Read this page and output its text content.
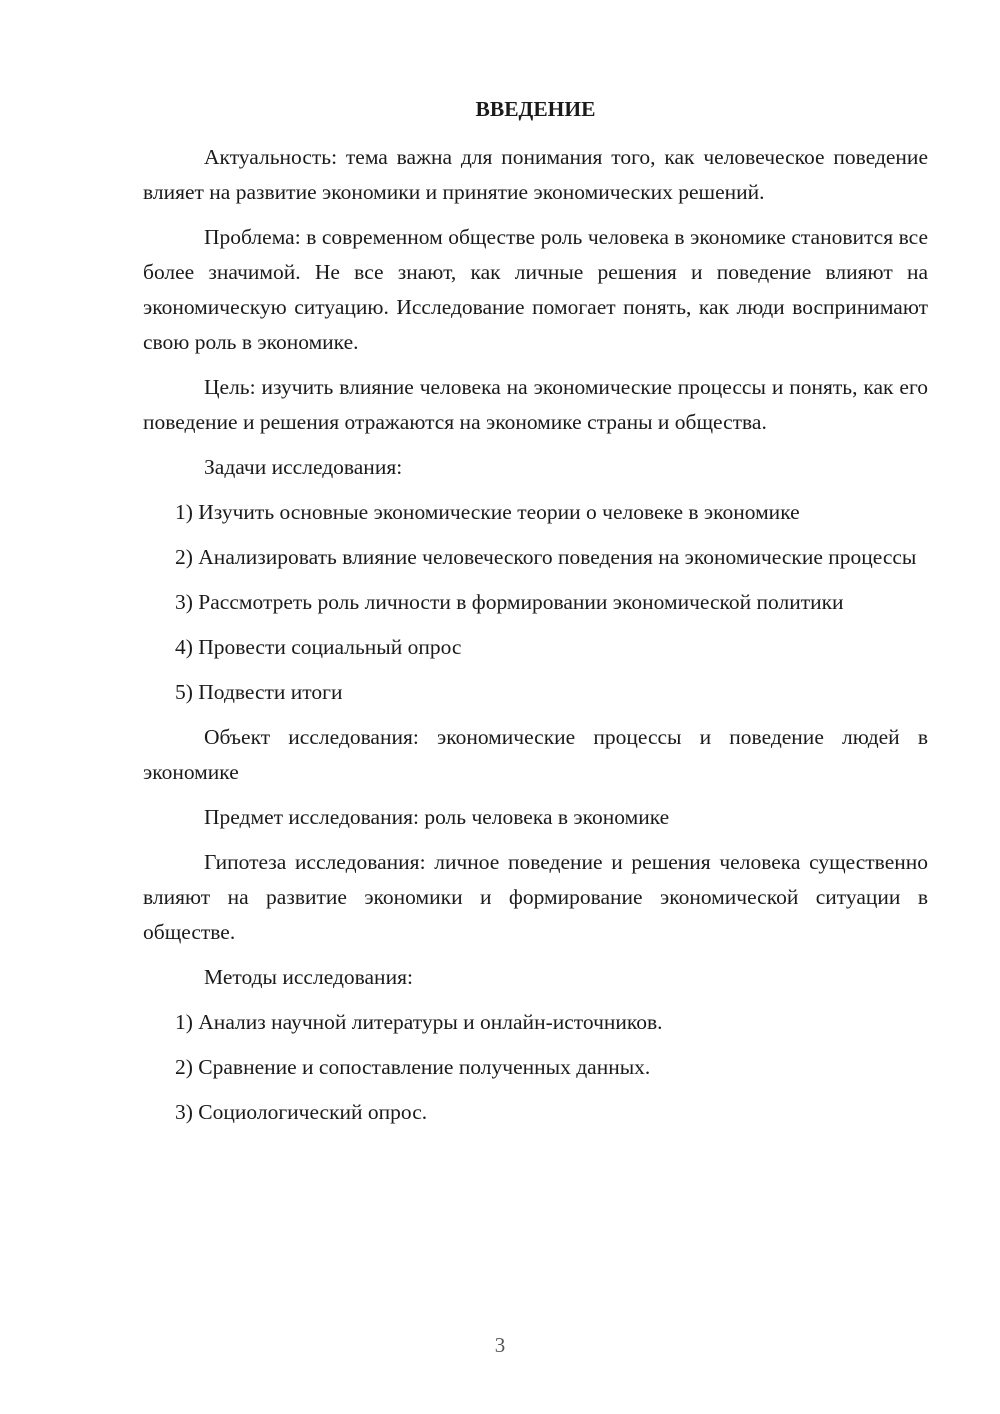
ВВЕДЕНИЕ

Актуальность: тема важна для понимания того, как человеческое поведение влияет на развитие экономики и принятие экономических решений.

Проблема: в современном обществе роль человека в экономике становится все более значимой. Не все знают, как личные решения и поведение влияют на экономическую ситуацию. Исследование помогает понять, как люди воспринимают свою роль в экономике.

Цель: изучить влияние человека на экономические процессы и понять, как его поведение и решения отражаются на экономике страны и общества.

Задачи исследования:

1) Изучить основные экономические теории о человеке в экономике

2) Анализировать влияние человеческого поведения на экономические процессы

3) Рассмотреть роль личности в формировании экономической политики

4) Провести социальный опрос

5) Подвести итоги

Объект исследования: экономические процессы и поведение людей в экономике

Предмет исследования: роль человека в экономике

Гипотеза исследования: личное поведение и решения человека существенно влияют на развитие экономики и формирование экономической ситуации в обществе.

Методы исследования:

1) Анализ научной литературы и онлайн-источников.

2) Сравнение и сопоставление полученных данных.

3) Социологический опрос.

3
